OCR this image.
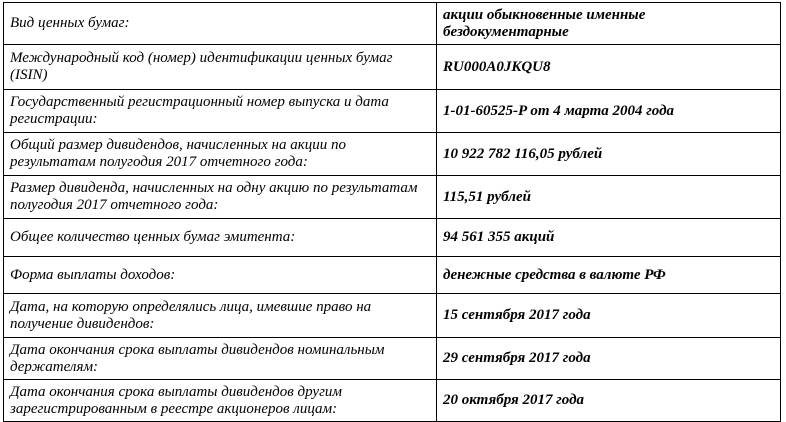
Вид ценных бумаг:	акции обыкновенные именные бездокументарные
Международный код (номер) идентификации ценных бумаг (ISIN)	RU000A0JKQU8
Государственный регистрационный номер выпуска и дата регистрации:	1-01-60525-P от 4 марта 2004 года
Общий размер дивидендов, начисленных на акции по результатам полугодия 2017 отчетного года:	10 922 782 116,05 рублей
Размер дивиденда, начисленных на одну акцию по результатам полугодия 2017 отчетного года:	115,51 рублей
Общее количество ценных бумаг эмитента:	94 561 355 акций
Форма выплаты доходов:	денежные средства в валюте РФ
Дата, на которую определялись лица, имевшие право на получение дивидендов:	15 сентября 2017 года
Дата окончания срока выплаты дивидендов номинальным держателям:	29 сентября 2017 года
Дата окончания срока выплаты дивидендов другим зарегистрированным в реестре акционеров лицам:	20 октября 2017 года
